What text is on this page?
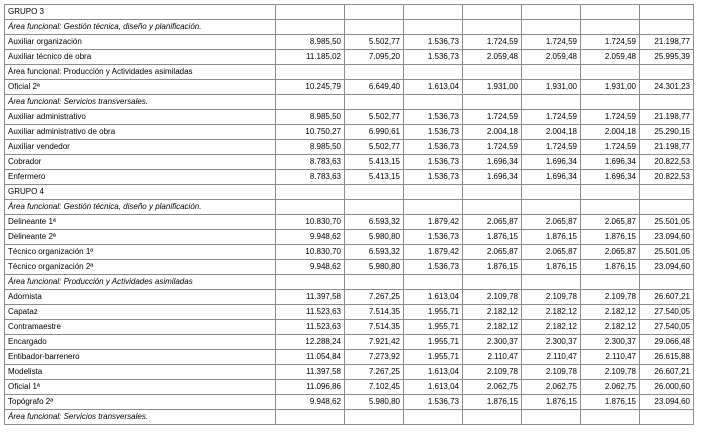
GRUPO 3							
Área funcional: Gestión técnica, diseño y planificación.							
Auxiliar organización	8.985,50	5.502,77	1.536,73	1.724,59	1.724,59	1.724,59	21.198,77
Auxiliar técnico de obra	11.185,02	7.095,20	1.536,73	2.059,48	2.059,48	2.059,48	25.995,39
Área funcional: Producción y Actividades asimiladas							
Oficial 2ª	10.245,79	6.649,40	1.613,04	1.931,00	1.931,00	1.931,00	24.301,23
Área funcional: Servicios transversales.							
Auxiliar administrativo	8.985,50	5.502,77	1.536,73	1.724,59	1.724,59	1.724,59	21.198,77
Auxiliar administrativo de obra	10.750,27	6.990,61	1.536,73	2.004,18	2.004,18	2.004,18	25.290,15
Auxiliar vendedor	8.985,50	5.502,77	1.536,73	1.724,59	1.724,59	1.724,59	21.198,77
Cobrador	8.783,63	5.413,15	1.536,73	1.696,34	1.696,34	1.696,34	20.822,53
Enfermero	8.783,63	5.413,15	1.536,73	1.696,34	1.696,34	1.696,34	20.822,53
GRUPO 4							
Área funcional: Gestión técnica, diseño y planificación.							
Delineante 1ª	10.830,70	6.593,32	1.879,42	2.065,87	2.065,87	2.065,87	25.501,05
Delineante 2ª	9.948,62	5.980,80	1.536,73	1.876,15	1.876,15	1.876,15	23.094,60
Técnico organización 1ª	10.830,70	6.593,32	1.879,42	2.065,87	2.065,87	2.065,87	25.501,05
Técnico organización 2ª	9.948,62	5.980,80	1.536,73	1.876,15	1.876,15	1.876,15	23.094,60
Área funcional: Producción y Actividades asimiladas							
Adornista	11.397,58	7.267,25	1.613,04	2.109,78	2.109,78	2.109,78	26.607,21
Capataz	11.523,63	7.514,35	1.955,71	2.182,12	2.182,12	2.182,12	27.540,05
Contramaestre	11.523,63	7.514,35	1.955,71	2.182,12	2.182,12	2.182,12	27.540,05
Encargado	12.288,24	7.921,42	1.955,71	2.300,37	2.300,37	2.300,37	29.066,48
Entibador-barrenero	11.054,84	7.273,92	1.955,71	2.110,47	2.110,47	2.110,47	26.615,88
Modelista	11.397,58	7.267,25	1.613,04	2.109,78	2.109,78	2.109,78	26.607,21
Oficial 1ª	11.096,86	7.102,45	1.613,04	2.062,75	2.062,75	2.062,75	26.000,60
Topógrafo 2ª	9.948,62	5.980,80	1.536,73	1.876,15	1.876,15	1.876,15	23.094,60
Área funcional: Servicios transversales.							
